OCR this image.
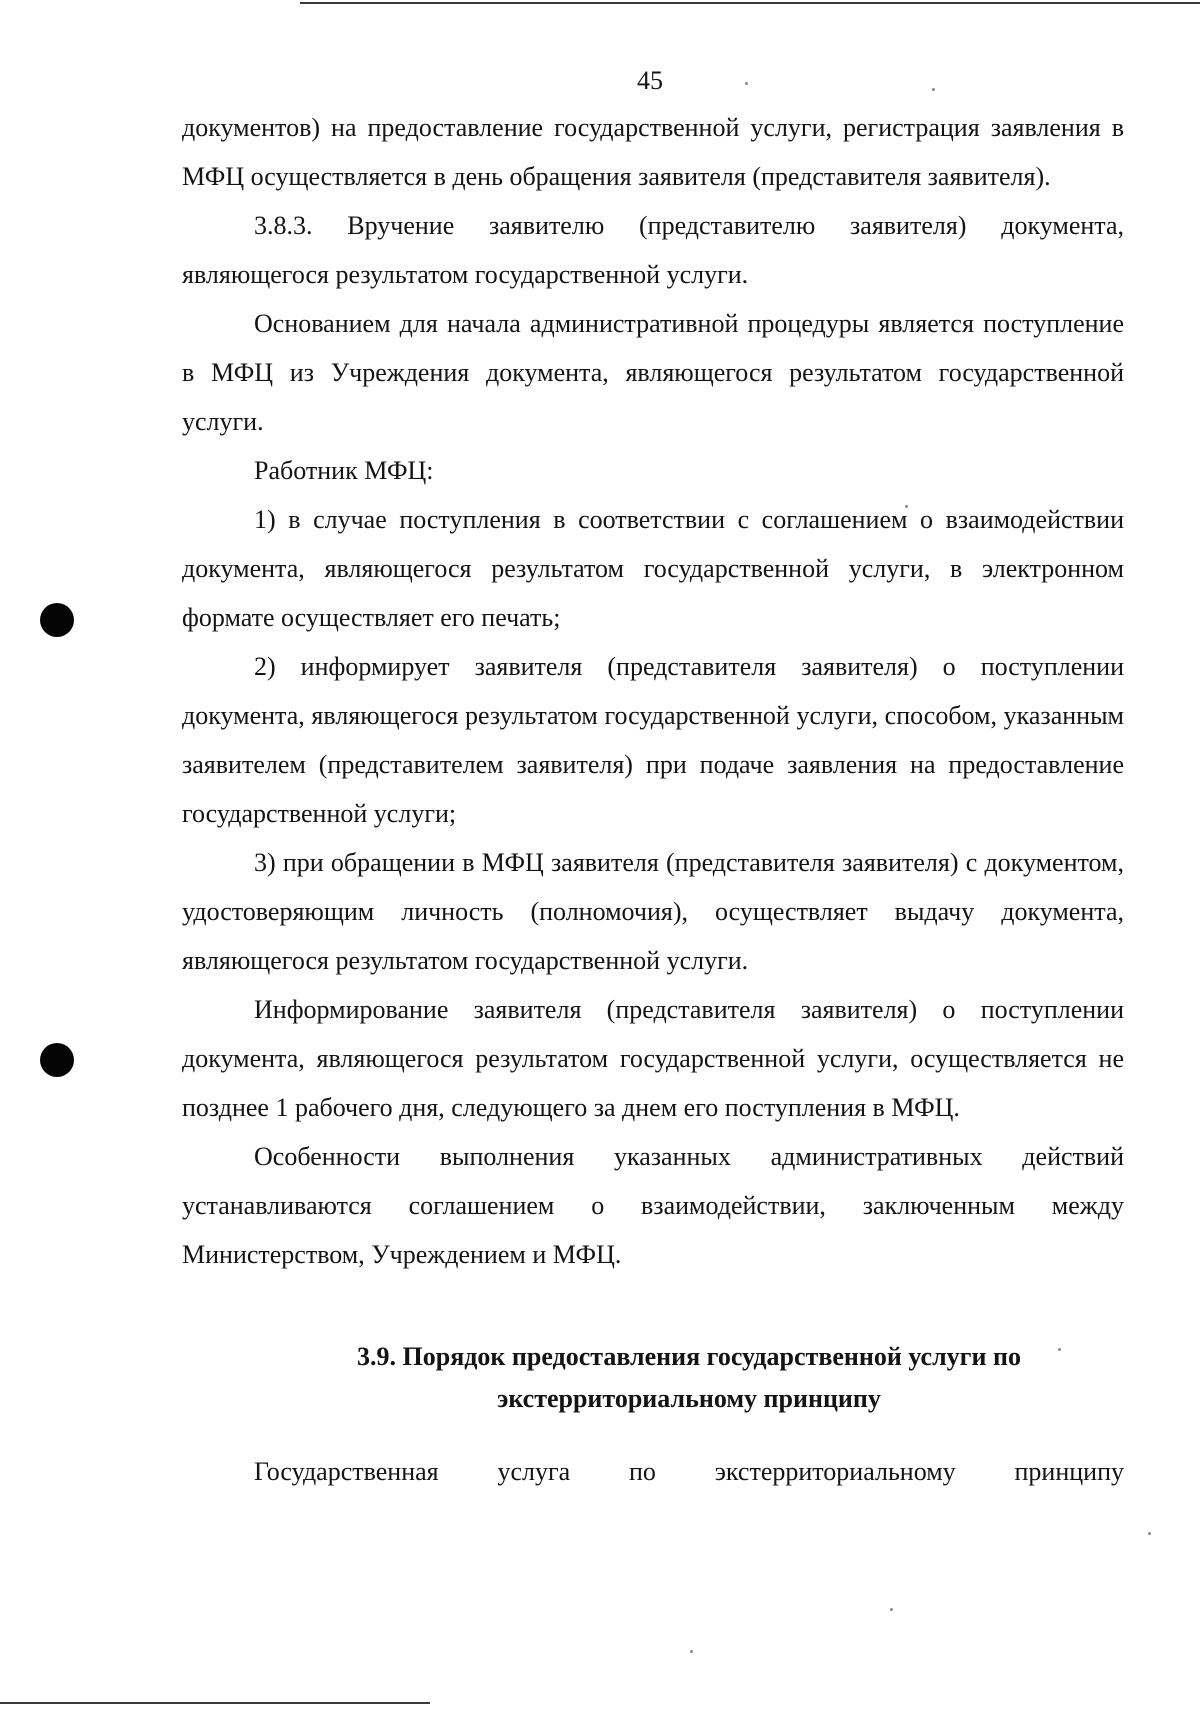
45

документов) на предоставление государственной услуги, регистрация заявления в МФЦ осуществляется в день обращения заявителя (представителя заявителя).

3.8.3. Вручение заявителю (представителю заявителя) документа, являющегося результатом государственной услуги.

Основанием для начала административной процедуры является поступление в МФЦ из Учреждения документа, являющегося результатом государственной услуги.

Работник МФЦ:

1) в случае поступления в соответствии с соглашением о взаимодействии документа, являющегося результатом государственной услуги, в электронном формате осуществляет его печать;

2) информирует заявителя (представителя заявителя) о поступлении документа, являющегося результатом государственной услуги, способом, указанным заявителем (представителем заявителя) при подаче заявления на предоставление государственной услуги;

3) при обращении в МФЦ заявителя (представителя заявителя) с документом, удостоверяющим личность (полномочия), осуществляет выдачу документа, являющегося результатом государственной услуги.

Информирование заявителя (представителя заявителя) о поступлении документа, являющегося результатом государственной услуги, осуществляется не позднее 1 рабочего дня, следующего за днем его поступления в МФЦ.

Особенности выполнения указанных административных действий устанавливаются соглашением о взаимодействии, заключенным между Министерством, Учреждением и МФЦ.

3.9. Порядок предоставления государственной услуги по
экстерриториальному принципу

Государственная услуга по экстерриториальному принципу
